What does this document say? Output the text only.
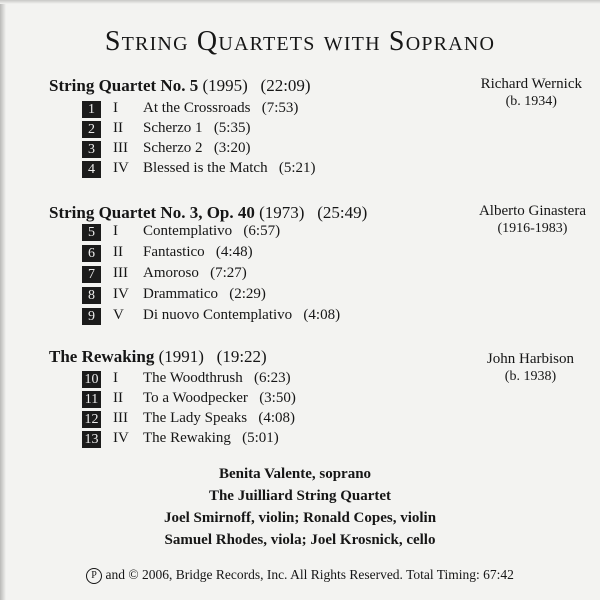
String Quartets with Soprano
String Quartet No. 5 (1995) (22:09)	Richard Wernick
(b. 1934)
1	I At the Crossroads (7:53)
2	II Scherzo 1 (5:35)
3	III Scherzo 2 (3:20)
4	IV Blessed is the Match (5:21)
String Quartet No. 3, Op. 40 (1973) (25:49)	Alberto Ginastera
(1916-1983)
5	I Contemplativo (6:57)
6	II Fantastico (4:48)
7	III Amoroso (7:27)
8	IV Drammatico (2:29)
9	V Di nuovo Contemplativo (4:08)
The Rewaking (1991) (19:22)	John Harbison
(b. 1938)
10 I The Woodthrush (6:23)
11 II To a Woodpecker (3:50)
12 III The Lady Speaks (4:08)
13 IV The Rewaking (5:01)
Benita Valente, soprano
The Juilliard String Quartet
Joel Smirnoff, violin; Ronald Copes, violin
Samuel Rhodes, viola; Joel Krosnick, cello
P and © 2006, Bridge Records, Inc. All Rights Reserved. Total Timing: 67:42
